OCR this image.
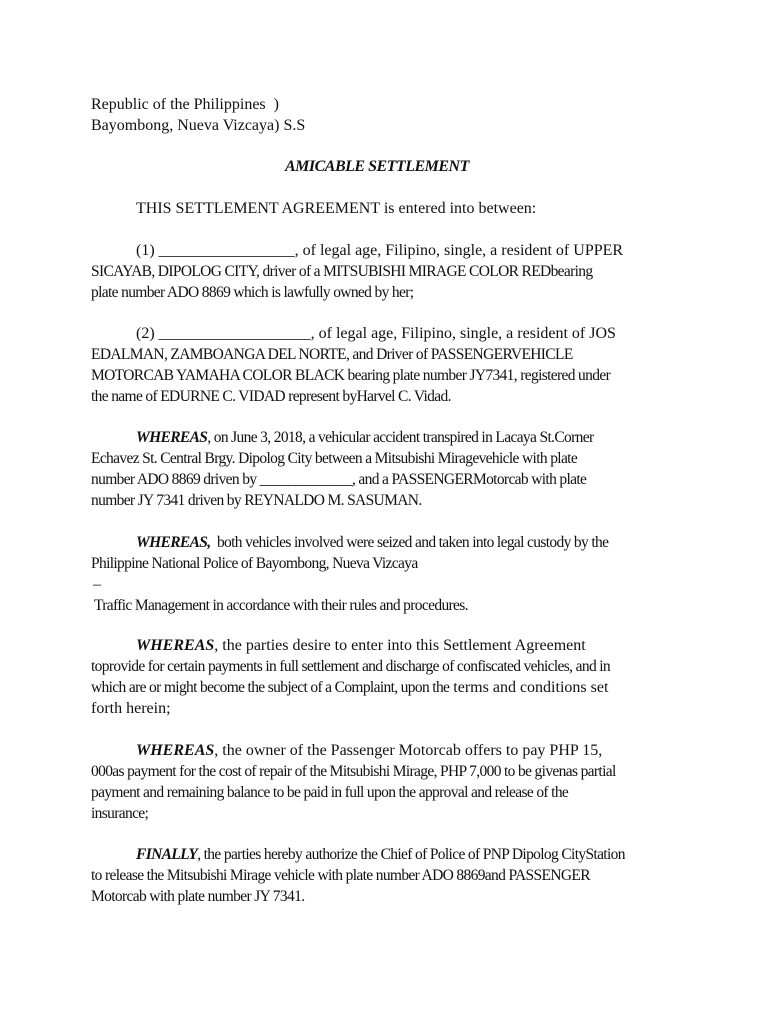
Republic of the Philippines  )
Bayombong, Nueva Vizcaya) S.S
AMICABLE SETTLEMENT
THIS SETTLEMENT AGREEMENT is entered into between:
(1) _________________, of legal age, Filipino, single, a resident of UPPER
SICAYAB, DIPOLOG CITY, driver of a MITSUBISHI MIRAGE COLOR REDbearing
plate number ADO 8869 which is lawfully owned by her;
(2) ___________________, of legal age, Filipino, single, a resident of JOS
EDALMAN, ZAMBOANGA DEL NORTE, and Driver of PASSENGERVEHICLE
MOTORCAB YAMAHA COLOR BLACK bearing plate number JY7341, registered under
the name of EDURNE C. VIDAD represent byHarvel C. Vidad.
WHEREAS, on June 3, 2018, a vehicular accident transpired in Lacaya St.Corner
Echavez St. Central Brgy. Dipolog City between a Mitsubishi Miragevehicle with plate
number ADO 8869 driven by _____________, and a PASSENGERMotorcab with plate
number JY 7341 driven by REYNALDO M. SASUMAN.
WHEREAS,  both vehicles involved were seized and taken into legal custody by the
Philippine National Police of Bayombong, Nueva Vizcaya
–
Traffic Management in accordance with their rules and procedures.
WHEREAS, the parties desire to enter into this Settlement Agreement
toprovide for certain payments in full settlement and discharge of confiscated vehicles, and in
which are or might become the subject of a Complaint, upon the terms and conditions set
forth herein;
WHEREAS, the owner of the Passenger Motorcab offers to pay PHP 15,
000as payment for the cost of repair of the Mitsubishi Mirage, PHP 7,000 to be givenas partial
payment and remaining balance to be paid in full upon the approval and release of the
insurance;
FINALLY, the parties hereby authorize the Chief of Police of PNP Dipolog CityStation
to release the Mitsubishi Mirage vehicle with plate number ADO 8869and PASSENGER
Motorcab with plate number JY 7341.
